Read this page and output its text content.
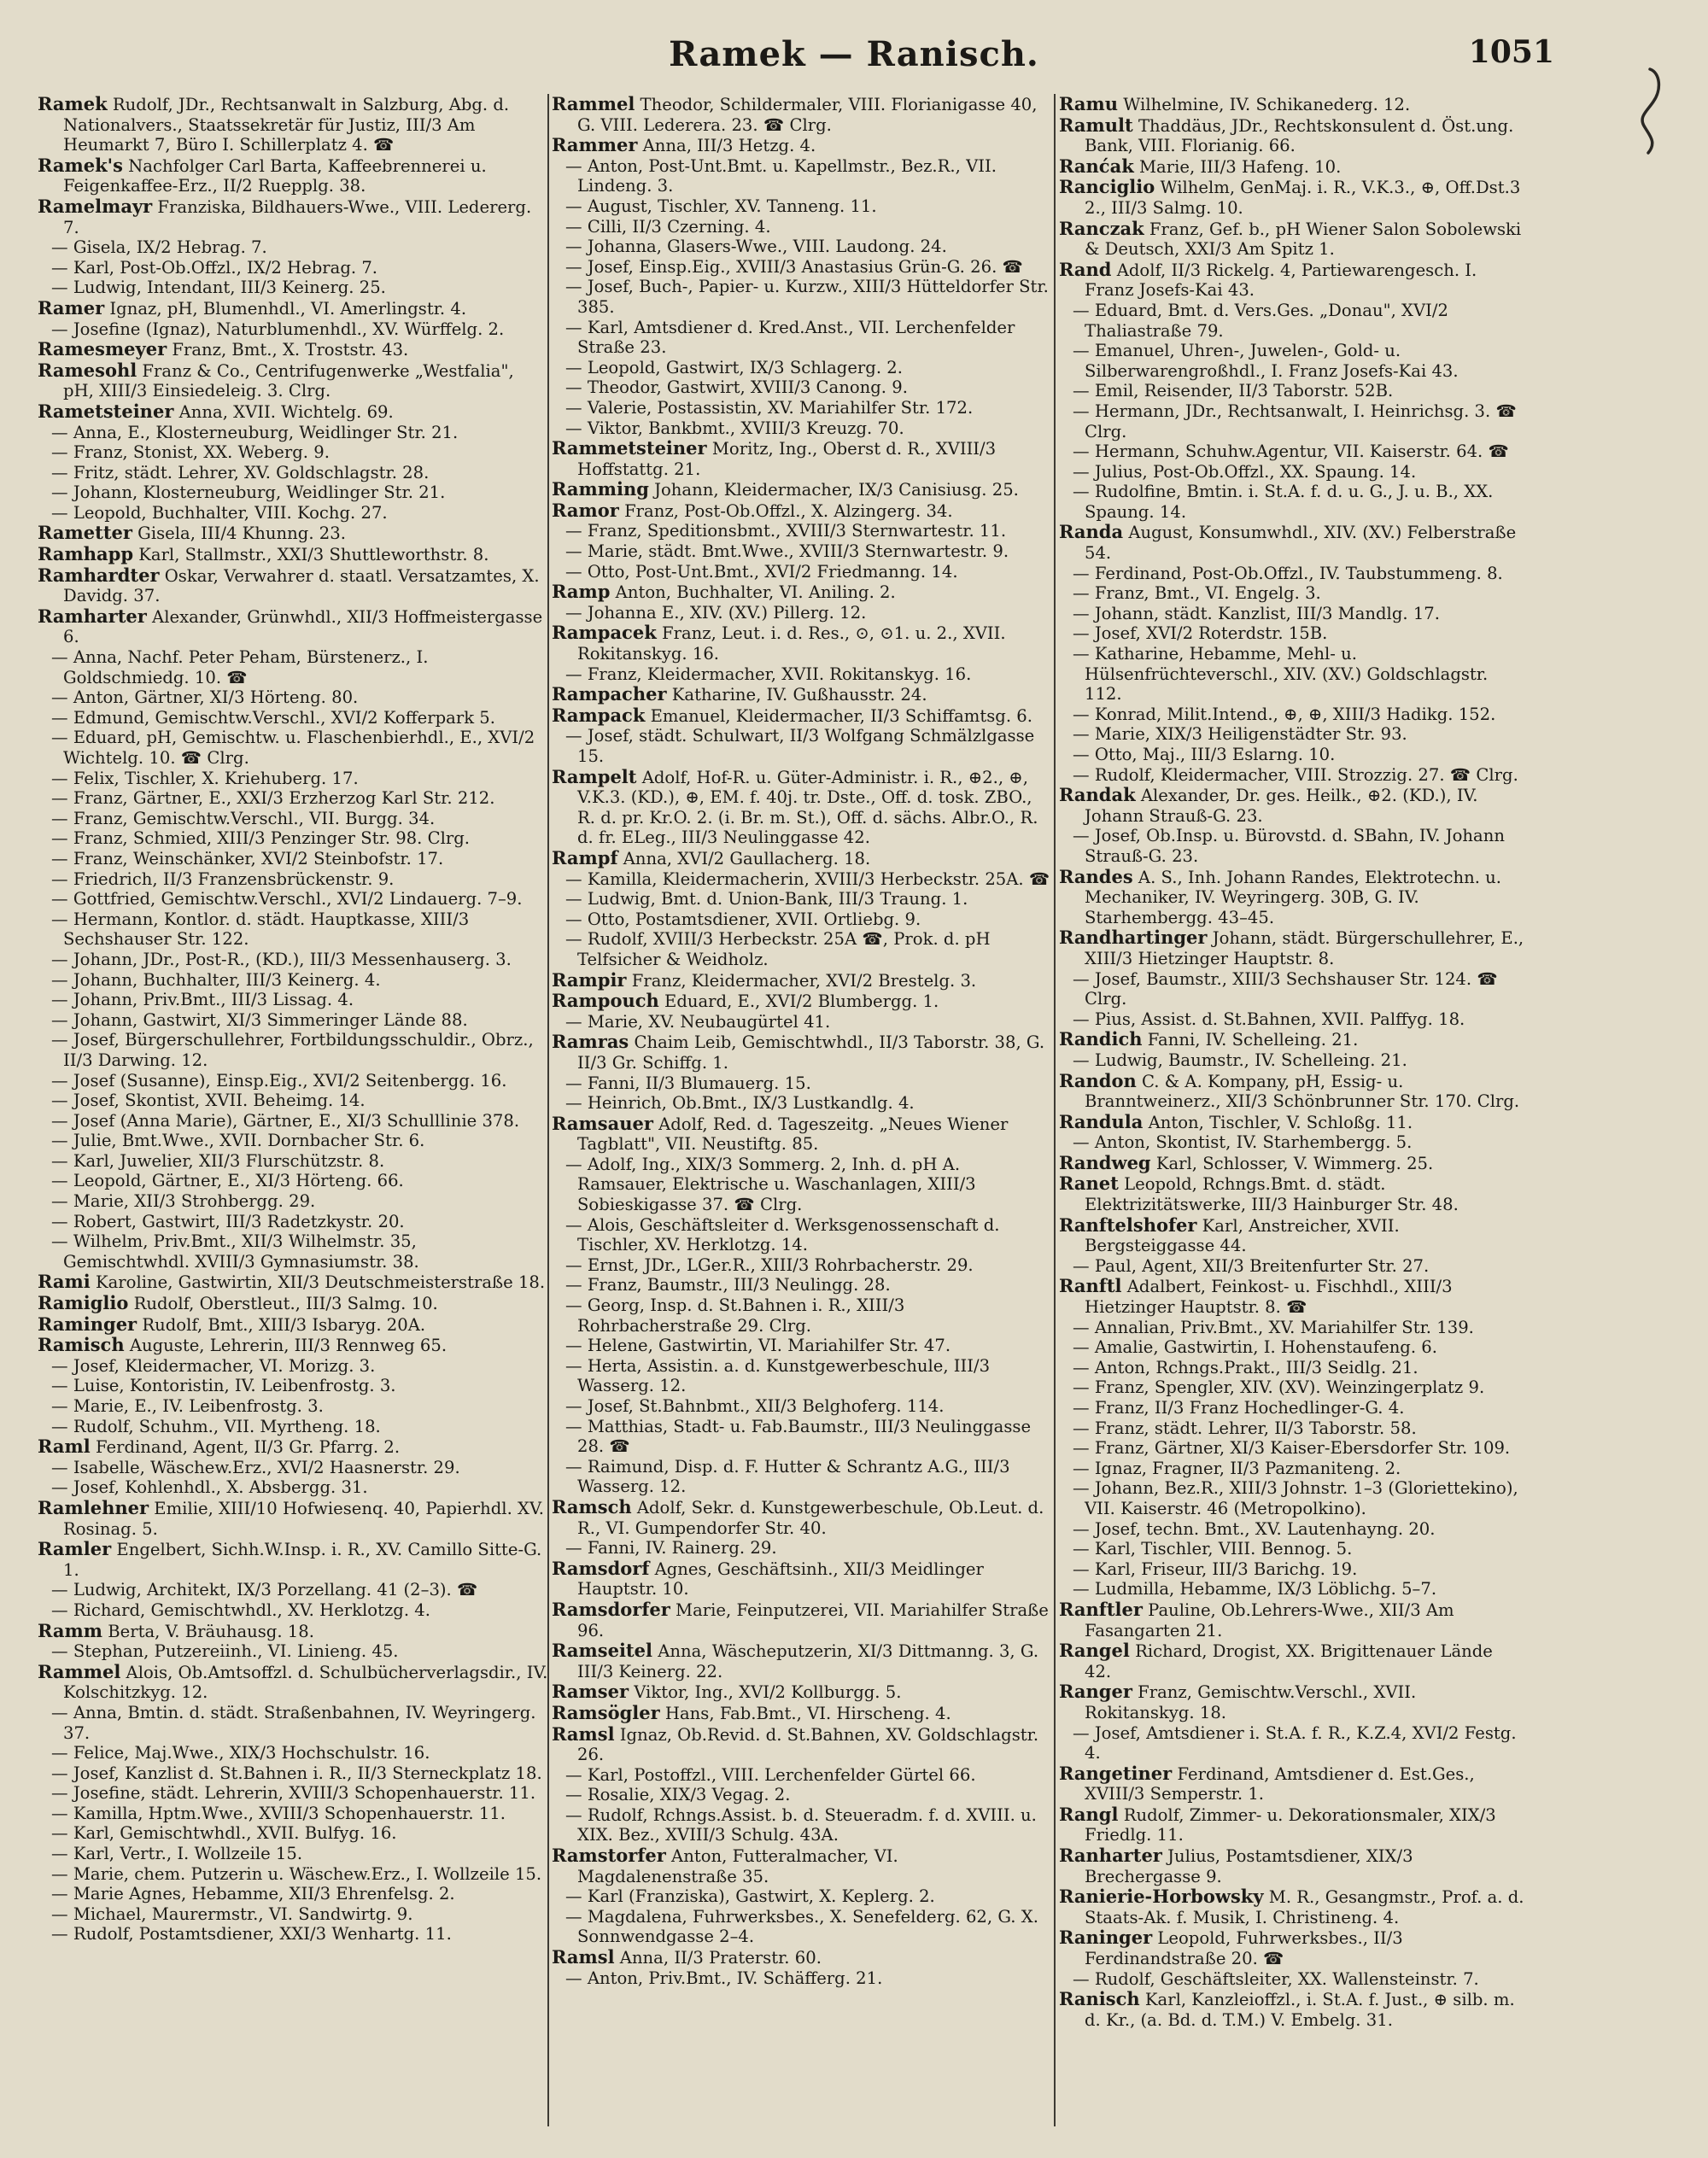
Ramek — Ranisch.	1051

Ramek Rudolf, JDr., Rechtsanwalt in Salzburg, Abg. d. Nationalvers., Staatssekretär für Justiz, III/3 Am Heumarkt 7, Büro I. Schillerplatz 4. ☎

Ramek's Nachfolger Carl Barta, Kaffeebrennerei u. Feigenkaffee-Erz., II/2 Ruepplg. 38.

Ramelmayr Franziska, Bildhauers-Wwe., VIII. Ledererg. 7.

— Gisela, IX/2 Hebrag. 7.

— Karl, Post-Ob.Offzl., IX/2 Hebrag. 7.

— Ludwig, Intendant, III/3 Keinerg. 25.

Ramer Ignaz, pH, Blumenhdl., VI. Amerlingstr. 4.

— Josefine (Ignaz), Naturblumenhdl., XV. Würffelg. 2.

Ramesmeyer Franz, Bmt., X. Troststr. 43.

Ramesohl Franz & Co., Centrifugenwerke „Westfalia", pH, XIII/3 Einsiedeleig. 3. Clrg.

Rametsteiner Anna, XVII. Wichtelg. 69.

— Anna, E., Klosterneuburg, Weidlinger Str. 21.

— Franz, Stonist, XX. Weberg. 9.

— Fritz, städt. Lehrer, XV. Goldschlagstr. 28.

— Johann, Klosterneuburg, Weidlinger Str. 21.

— Leopold, Buchhalter, VIII. Kochg. 27.

Rametter Gisela, III/4 Khunng. 23.

Ramhapp Karl, Stallmstr., XXI/3 Shuttleworthstr. 8.

Ramhardter Oskar, Verwahrer d. staatl. Versatzamtes, X. Davidg. 37.

Ramharter Alexander, Grünwhdl., XII/3 Hoffmeistergasse 6.

— Anna, Nachf. Peter Peham, Bürstenerz., I. Goldschmiedg. 10. ☎

— Anton, Gärtner, XI/3 Hörteng. 80.

— Edmund, Gemischtw.Verschl., XVI/2 Kofferpark 5.

— Eduard, pH, Gemischtw. u. Flaschenbierhdl., E., XVI/2 Wichtelg. 10. ☎ Clrg.

— Felix, Tischler, X. Kriehuberg. 17.

— Franz, Gärtner, E., XXI/3 Erzherzog Karl Str. 212.

— Franz, Gemischtw.Verschl., VII. Burgg. 34.

— Franz, Schmied, XIII/3 Penzinger Str. 98. Clrg.

— Franz, Weinschänker, XVI/2 Steinbofstr. 17.

— Friedrich, II/3 Franzensbrückenstr. 9.

— Gottfried, Gemischtw.Verschl., XVI/2 Lindauerg. 7–9.

— Hermann, Kontlor. d. städt. Hauptkasse, XIII/3 Sechshauser Str. 122.

— Johann, JDr., Post-R., (KD.), III/3 Messenhauserg. 3.

— Johann, Buchhalter, III/3 Keinerg. 4.

— Johann, Priv.Bmt., III/3 Lissag. 4.

— Johann, Gastwirt, XI/3 Simmeringer Lände 88.

— Josef, Bürgerschullehrer, Fortbildungsschuldir., Obrz., II/3 Darwing. 12.

— Josef (Susanne), Einsp.Eig., XVI/2 Seitenbergg. 16.

— Josef, Skontist, XVII. Beheimg. 14.

— Josef (Anna Marie), Gärtner, E., XI/3 Schulllinie 378.

— Julie, Bmt.Wwe., XVII. Dornbacher Str. 6.

— Karl, Juwelier, XII/3 Flurschützstr. 8.

— Leopold, Gärtner, E., XI/3 Hörteng. 66.

— Marie, XII/3 Strohbergg. 29.

— Robert, Gastwirt, III/3 Radetzkystr. 20.

— Wilhelm, Priv.Bmt., XII/3 Wilhelmstr. 35, Gemischtwhdl. XVIII/3 Gymnasiumstr. 38.

Rami Karoline, Gastwirtin, XII/3 Deutschmeisterstraße 18.

Ramiglio Rudolf, Oberstleut., III/3 Salmg. 10.

Raminger Rudolf, Bmt., XIII/3 Isbaryg. 20A.

Ramisch Auguste, Lehrerin, III/3 Rennweg 65.

— Josef, Kleidermacher, VI. Morizg. 3.

— Luise, Kontoristin, IV. Leibenfrostg. 3.

— Marie, E., IV. Leibenfrostg. 3.

— Rudolf, Schuhm., VII. Myrtheng. 18.

Raml Ferdinand, Agent, II/3 Gr. Pfarrg. 2.

— Isabelle, Wäschew.Erz., XVI/2 Haasnerstr. 29.

— Josef, Kohlenhdl., X. Absbergg. 31.

Ramlehner Emilie, XIII/10 Hofwiesenq. 40, Papierhdl. XV. Rosinag. 5.

Ramler Engelbert, Sichh.W.Insp. i. R., XV. Camillo Sitte-G. 1.

— Ludwig, Architekt, IX/3 Porzellang. 41 (2–3). ☎

— Richard, Gemischtwhdl., XV. Herklotzg. 4.

Ramm Berta, V. Bräuhausg. 18.

— Stephan, Putzereiinh., VI. Linieng. 45.

Rammel Alois, Ob.Amtsoffzl. d. Schulbücherverlagsdir., IV. Kolschitzkyg. 12.

— Anna, Bmtin. d. städt. Straßenbahnen, IV. Weyringerg. 37.

— Felice, Maj.Wwe., XIX/3 Hochschulstr. 16.

— Josef, Kanzlist d. St.Bahnen i. R., II/3 Sterneckplatz 18.

— Josefine, städt. Lehrerin, XVIII/3 Schopenhauerstr. 11.

— Kamilla, Hptm.Wwe., XVIII/3 Schopenhauerstr. 11.

— Karl, Gemischtwhdl., XVII. Bulfyg. 16.

— Karl, Vertr., I. Wollzeile 15.

— Marie, chem. Putzerin u. Wäschew.Erz., I. Wollzeile 15.

— Marie Agnes, Hebamme, XII/3 Ehrenfelsg. 2.

— Michael, Maurermstr., VI. Sandwirtg. 9.

— Rudolf, Postamtsdiener, XXI/3 Wenhartg. 11.

Rammel Theodor, Schildermaler, VIII. Florianigasse 40, G. VIII. Lederera. 23. ☎ Clrg.

Rammer Anna, III/3 Hetzg. 4.

— Anton, Post-Unt.Bmt. u. Kapellmstr., Bez.R., VII. Lindeng. 3.

— August, Tischler, XV. Tanneng. 11.

— Cilli, II/3 Czerning. 4.

— Johanna, Glasers-Wwe., VIII. Laudong. 24.

— Josef, Einsp.Eig., XVIII/3 Anastasius Grün-G. 26. ☎

— Josef, Buch-, Papier- u. Kurzw., XIII/3 Hütteldorfer Str. 385.

— Karl, Amtsdiener d. Kred.Anst., VII. Lerchenfelder Straße 23.

— Leopold, Gastwirt, IX/3 Schlagerg. 2.

— Theodor, Gastwirt, XVIII/3 Canong. 9.

— Valerie, Postassistin, XV. Mariahilfer Str. 172.

— Viktor, Bankbmt., XVIII/3 Kreuzg. 70.

Rammetsteiner Moritz, Ing., Oberst d. R., XVIII/3 Hoffstattg. 21.

Ramming Johann, Kleidermacher, IX/3 Canisiusg. 25.

Ramor Franz, Post-Ob.Offzl., X. Alzingerg. 34.

— Franz, Speditionsbmt., XVIII/3 Sternwartestr. 11.

— Marie, städt. Bmt.Wwe., XVIII/3 Sternwartestr. 9.

— Otto, Post-Unt.Bmt., XVI/2 Friedmanng. 14.

Ramp Anton, Buchhalter, VI. Aniling. 2.

— Johanna E., XIV. (XV.) Pillerg. 12.

Rampacek Franz, Leut. i. d. Res., ⊙, ⊙1. u. 2., XVII. Rokitanskyg. 16.

— Franz, Kleidermacher, XVII. Rokitanskyg. 16.

Rampacher Katharine, IV. Gußhausstr. 24.

Rampack Emanuel, Kleidermacher, II/3 Schiffamtsg. 6.

— Josef, städt. Schulwart, II/3 Wolfgang Schmälzlgasse 15.

Rampelt Adolf, Hof-R. u. Güter-Administr. i. R., ⊕2., ⊕, V.K.3. (KD.), ⊕, EM. f. 40j. tr. Dste., Off. d. tosk. ZBO., R. d. pr. Kr.O. 2. (i. Br. m. St.), Off. d. sächs. Albr.O., R. d. fr. ELeg., III/3 Neulinggasse 42.

Rampf Anna, XVI/2 Gaullacherg. 18.

— Kamilla, Kleidermacherin, XVIII/3 Herbeckstr. 25A. ☎

— Ludwig, Bmt. d. Union-Bank, III/3 Traung. 1.

— Otto, Postamtsdiener, XVII. Ortliebg. 9.

— Rudolf, XVIII/3 Herbeckstr. 25A ☎, Prok. d. pH Telfsicher & Weidholz.

Rampir Franz, Kleidermacher, XVI/2 Brestelg. 3.

Rampouch Eduard, E., XVI/2 Blumbergg. 1.

— Marie, XV. Neubaugürtel 41.

Ramras Chaim Leib, Gemischtwhdl., II/3 Taborstr. 38, G. II/3 Gr. Schiffg. 1.

— Fanni, II/3 Blumauerg. 15.

— Heinrich, Ob.Bmt., IX/3 Lustkandlg. 4.

Ramsauer Adolf, Red. d. Tageszeitg. „Neues Wiener Tagblatt", VII. Neustiftg. 85.

— Adolf, Ing., XIX/3 Sommerg. 2, Inh. d. pH A. Ramsauer, Elektrische u. Waschanlagen, XIII/3 Sobieskigasse 37. ☎ Clrg.

— Alois, Geschäftsleiter d. Werksgenossenschaft d. Tischler, XV. Herklotzg. 14.

— Ernst, JDr., LGer.R., XIII/3 Rohrbacherstr. 29.

— Franz, Baumstr., III/3 Neulingg. 28.

— Georg, Insp. d. St.Bahnen i. R., XIII/3 Rohrbacherstraße 29. Clrg.

— Helene, Gastwirtin, VI. Mariahilfer Str. 47.

— Herta, Assistin. a. d. Kunstgewerbeschule, III/3 Wasserg. 12.

— Josef, St.Bahnbmt., XII/3 Belghoferg. 114.

— Matthias, Stadt- u. Fab.Baumstr., III/3 Neulinggasse 28. ☎

— Raimund, Disp. d. F. Hutter & Schrantz A.G., III/3 Wasserg. 12.

Ramsch Adolf, Sekr. d. Kunstgewerbeschule, Ob.Leut. d. R., VI. Gumpendorfer Str. 40.

— Fanni, IV. Rainerg. 29.

Ramsdorf Agnes, Geschäftsinh., XII/3 Meidlinger Hauptstr. 10.

Ramsdorfer Marie, Feinputzerei, VII. Mariahilfer Straße 96.

Ramseitel Anna, Wäscheputzerin, XI/3 Dittmanng. 3, G. III/3 Keinerg. 22.

Ramser Viktor, Ing., XVI/2 Kollburgg. 5.

Ramsögler Hans, Fab.Bmt., VI. Hirscheng. 4.

Ramsl Ignaz, Ob.Revid. d. St.Bahnen, XV. Goldschlagstr. 26.

— Karl, Postoffzl., VIII. Lerchenfelder Gürtel 66.

— Rosalie, XIX/3 Vegag. 2.

— Rudolf, Rchngs.Assist. b. d. Steueradm. f. d. XVIII. u. XIX. Bez., XVIII/3 Schulg. 43A.

Ramstorfer Anton, Futteralmacher, VI. Magdalenenstraße 35.

— Karl (Franziska), Gastwirt, X. Keplerg. 2.

— Magdalena, Fuhrwerksbes., X. Senefelderg. 62, G. X. Sonnwendgasse 2–4.

Ramsl Anna, II/3 Praterstr. 60.

— Anton, Priv.Bmt., IV. Schäfferg. 21.

Ramu Wilhelmine, IV. Schikanederg. 12.

Ramult Thaddäus, JDr., Rechtskonsulent d. Öst.ung. Bank, VIII. Florianig. 66.

Ranćak Marie, III/3 Hafeng. 10.

Ranciglio Wilhelm, GenMaj. i. R., V.K.3., ⊕, Off.Dst.3 2., III/3 Salmg. 10.

Ranczak Franz, Gef. b., pH Wiener Salon Sobolewski & Deutsch, XXI/3 Am Spitz 1.

Rand Adolf, II/3 Rickelg. 4, Partiewarengesch. I. Franz Josefs-Kai 43.

— Eduard, Bmt. d. Vers.Ges. „Donau", XVI/2 Thaliastraße 79.

— Emanuel, Uhren-, Juwelen-, Gold- u. Silberwarengroßhdl., I. Franz Josefs-Kai 43.

— Emil, Reisender, II/3 Taborstr. 52B.

— Hermann, JDr., Rechtsanwalt, I. Heinrichsg. 3. ☎ Clrg.

— Hermann, Schuhw.Agentur, VII. Kaiserstr. 64. ☎

— Julius, Post-Ob.Offzl., XX. Spaung. 14.

— Rudolfine, Bmtin. i. St.A. f. d. u. G., J. u. B., XX. Spaung. 14.

Randa August, Konsumwhdl., XIV. (XV.) Felberstraße 54.

— Ferdinand, Post-Ob.Offzl., IV. Taubstummeng. 8.

— Franz, Bmt., VI. Engelg. 3.

— Johann, städt. Kanzlist, III/3 Mandlg. 17.

— Josef, XVI/2 Roterdstr. 15B.

— Katharine, Hebamme, Mehl- u. Hülsenfrüchteverschl., XIV. (XV.) Goldschlagstr. 112.

— Konrad, Milit.Intend., ⊕, ⊕, XIII/3 Hadikg. 152.

— Marie, XIX/3 Heiligenstädter Str. 93.

— Otto, Maj., III/3 Eslarng. 10.

— Rudolf, Kleidermacher, VIII. Strozzig. 27. ☎ Clrg.

Randak Alexander, Dr. ges. Heilk., ⊕2. (KD.), IV. Johann Strauß-G. 23.

— Josef, Ob.Insp. u. Bürovstd. d. SBahn, IV. Johann Strauß-G. 23.

Randes A. S., Inh. Johann Randes, Elektrotechn. u. Mechaniker, IV. Weyringerg. 30B, G. IV. Starhembergg. 43–45.

Randhartinger Johann, städt. Bürgerschullehrer, E., XIII/3 Hietzinger Hauptstr. 8.

— Josef, Baumstr., XIII/3 Sechshauser Str. 124. ☎ Clrg.

— Pius, Assist. d. St.Bahnen, XVII. Palffyg. 18.

Randich Fanni, IV. Schelleing. 21.

— Ludwig, Baumstr., IV. Schelleing. 21.

Randon C. & A. Kompany, pH, Essig- u. Branntweinerz., XII/3 Schönbrunner Str. 170. Clrg.

Randula Anton, Tischler, V. Schloßg. 11.

— Anton, Skontist, IV. Starhembergg. 5.

Randweg Karl, Schlosser, V. Wimmerg. 25.

Ranet Leopold, Rchngs.Bmt. d. städt. Elektrizitätswerke, III/3 Hainburger Str. 48.

Ranftelshofer Karl, Anstreicher, XVII. Bergsteiggasse 44.

— Paul, Agent, XII/3 Breitenfurter Str. 27.

Ranftl Adalbert, Feinkost- u. Fischhdl., XIII/3 Hietzinger Hauptstr. 8. ☎

— Annalian, Priv.Bmt., XV. Mariahilfer Str. 139.

— Amalie, Gastwirtin, I. Hohenstaufeng. 6.

— Anton, Rchngs.Prakt., III/3 Seidlg. 21.

— Franz, Spengler, XIV. (XV). Weinzingerplatz 9.

— Franz, II/3 Franz Hochedlinger-G. 4.

— Franz, städt. Lehrer, II/3 Taborstr. 58.

— Franz, Gärtner, XI/3 Kaiser-Ebersdorfer Str. 109.

— Ignaz, Fragner, II/3 Pazmaniteng. 2.

— Johann, Bez.R., XIII/3 Johnstr. 1–3 (Gloriettekino), VII. Kaiserstr. 46 (Metropolkino).

— Josef, techn. Bmt., XV. Lautenhayng. 20.

— Karl, Tischler, VIII. Bennog. 5.

— Karl, Friseur, III/3 Barichg. 19.

— Ludmilla, Hebamme, IX/3 Löblichg. 5–7.

Ranftler Pauline, Ob.Lehrers-Wwe., XII/3 Am Fasangarten 21.

Rangel Richard, Drogist, XX. Brigittenauer Lände 42.

Ranger Franz, Gemischtw.Verschl., XVII. Rokitanskyg. 18.

— Josef, Amtsdiener i. St.A. f. R., K.Z.4, XVI/2 Festg. 4.

Rangetiner Ferdinand, Amtsdiener d. Est.Ges., XVIII/3 Semperstr. 1.

Rangl Rudolf, Zimmer- u. Dekorationsmaler, XIX/3 Friedlg. 11.

Ranharter Julius, Postamtsdiener, XIX/3 Brechergasse 9.

Ranierie-Horbowsky M. R., Gesangmstr., Prof. a. d. Staats-Ak. f. Musik, I. Christineng. 4.

Raninger Leopold, Fuhrwerksbes., II/3 Ferdinandstraße 20. ☎

— Rudolf, Geschäftsleiter, XX. Wallensteinstr. 7.

Ranisch Karl, Kanzleioffzl., i. St.A. f. Just., ⊕ silb. m. d. Kr., (a. Bd. d. T.M.) V. Embelg. 31.
